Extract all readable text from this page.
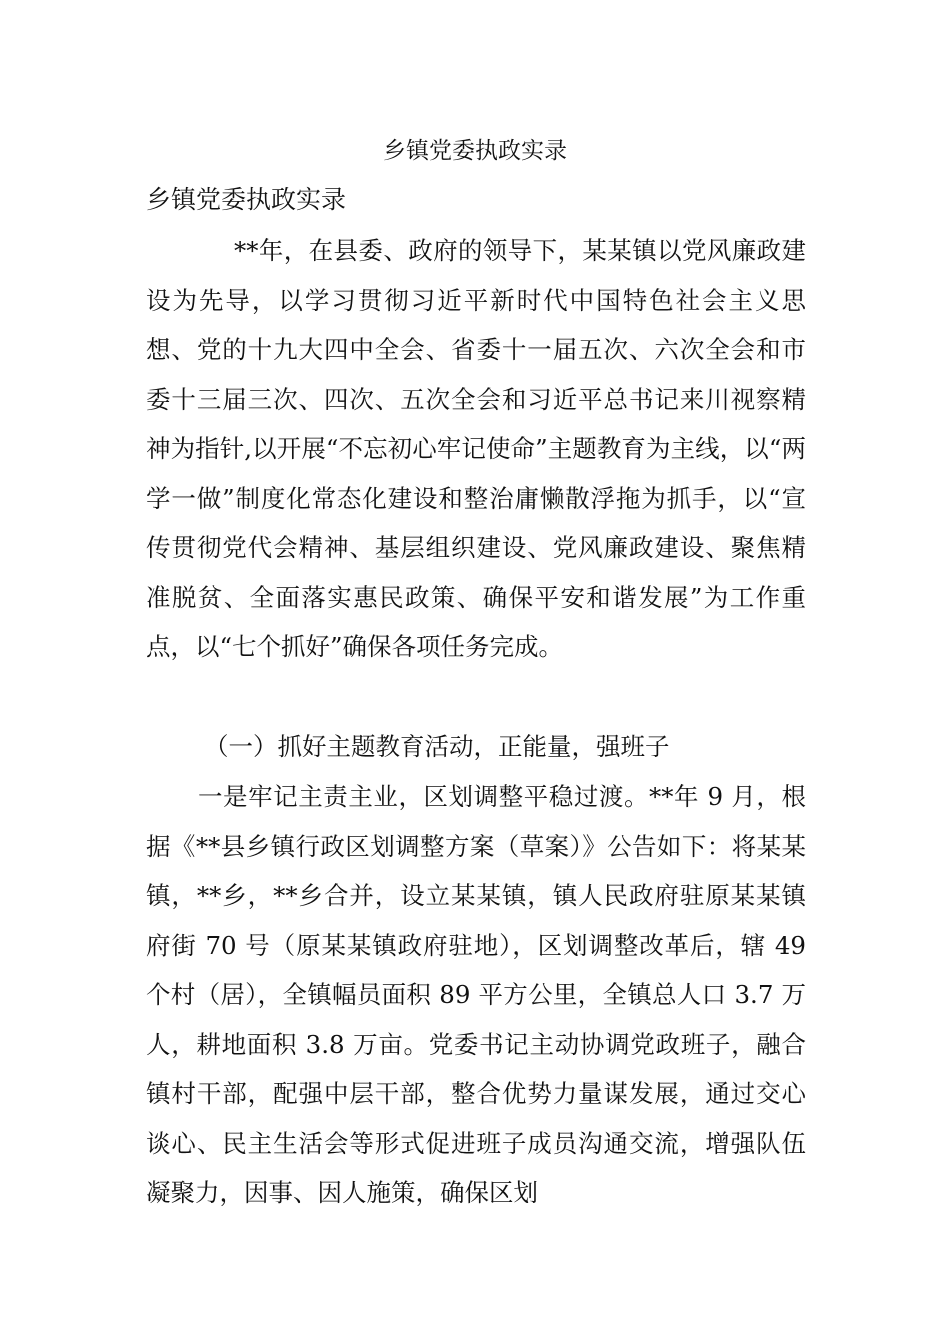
乡镇党委执政实录
乡镇党委执政实录

**年，在县委、政府的领导下，某某镇以党风廉政建设为先导，以学习贯彻习近平新时代中国特色社会主义思想、党的十九大四中全会、省委十一届五次、六次全会和市委十三届三次、四次、五次全会和习近平总书记来川视察精神为指针,以开展“不忘初心牢记使命”主题教育为主线，以“两学一做”制度化常态化建设和整治庸懒散浮拖为抓手，以“宣传贯彻党代会精神、基层组织建设、党风廉政建设、聚焦精准脱贫、全面落实惠民政策、确保平安和谐发展”为工作重点，以“七个抓好”确保各项任务完成。

（一）抓好主题教育活动，正能量，强班子

一是牢记主责主业，区划调整平稳过渡。**年 9 月，根据《**县乡镇行政区划调整方案（草案）》公告如下：将某某镇，**乡，**乡合并，设立某某镇，镇人民政府驻原某某镇府街 70 号（原某某镇政府驻地），区划调整改革后，辖 49 个村（居），全镇幅员面积 89 平方公里，全镇总人口 3.7 万人，耕地面积 3.8 万亩。党委书记主动协调党政班子，融合镇村干部，配强中层干部，整合优势力量谋发展，通过交心谈心、民主生活会等形式促进班子成员沟通交流，增强队伍凝聚力，因事、因人施策，确保区划
